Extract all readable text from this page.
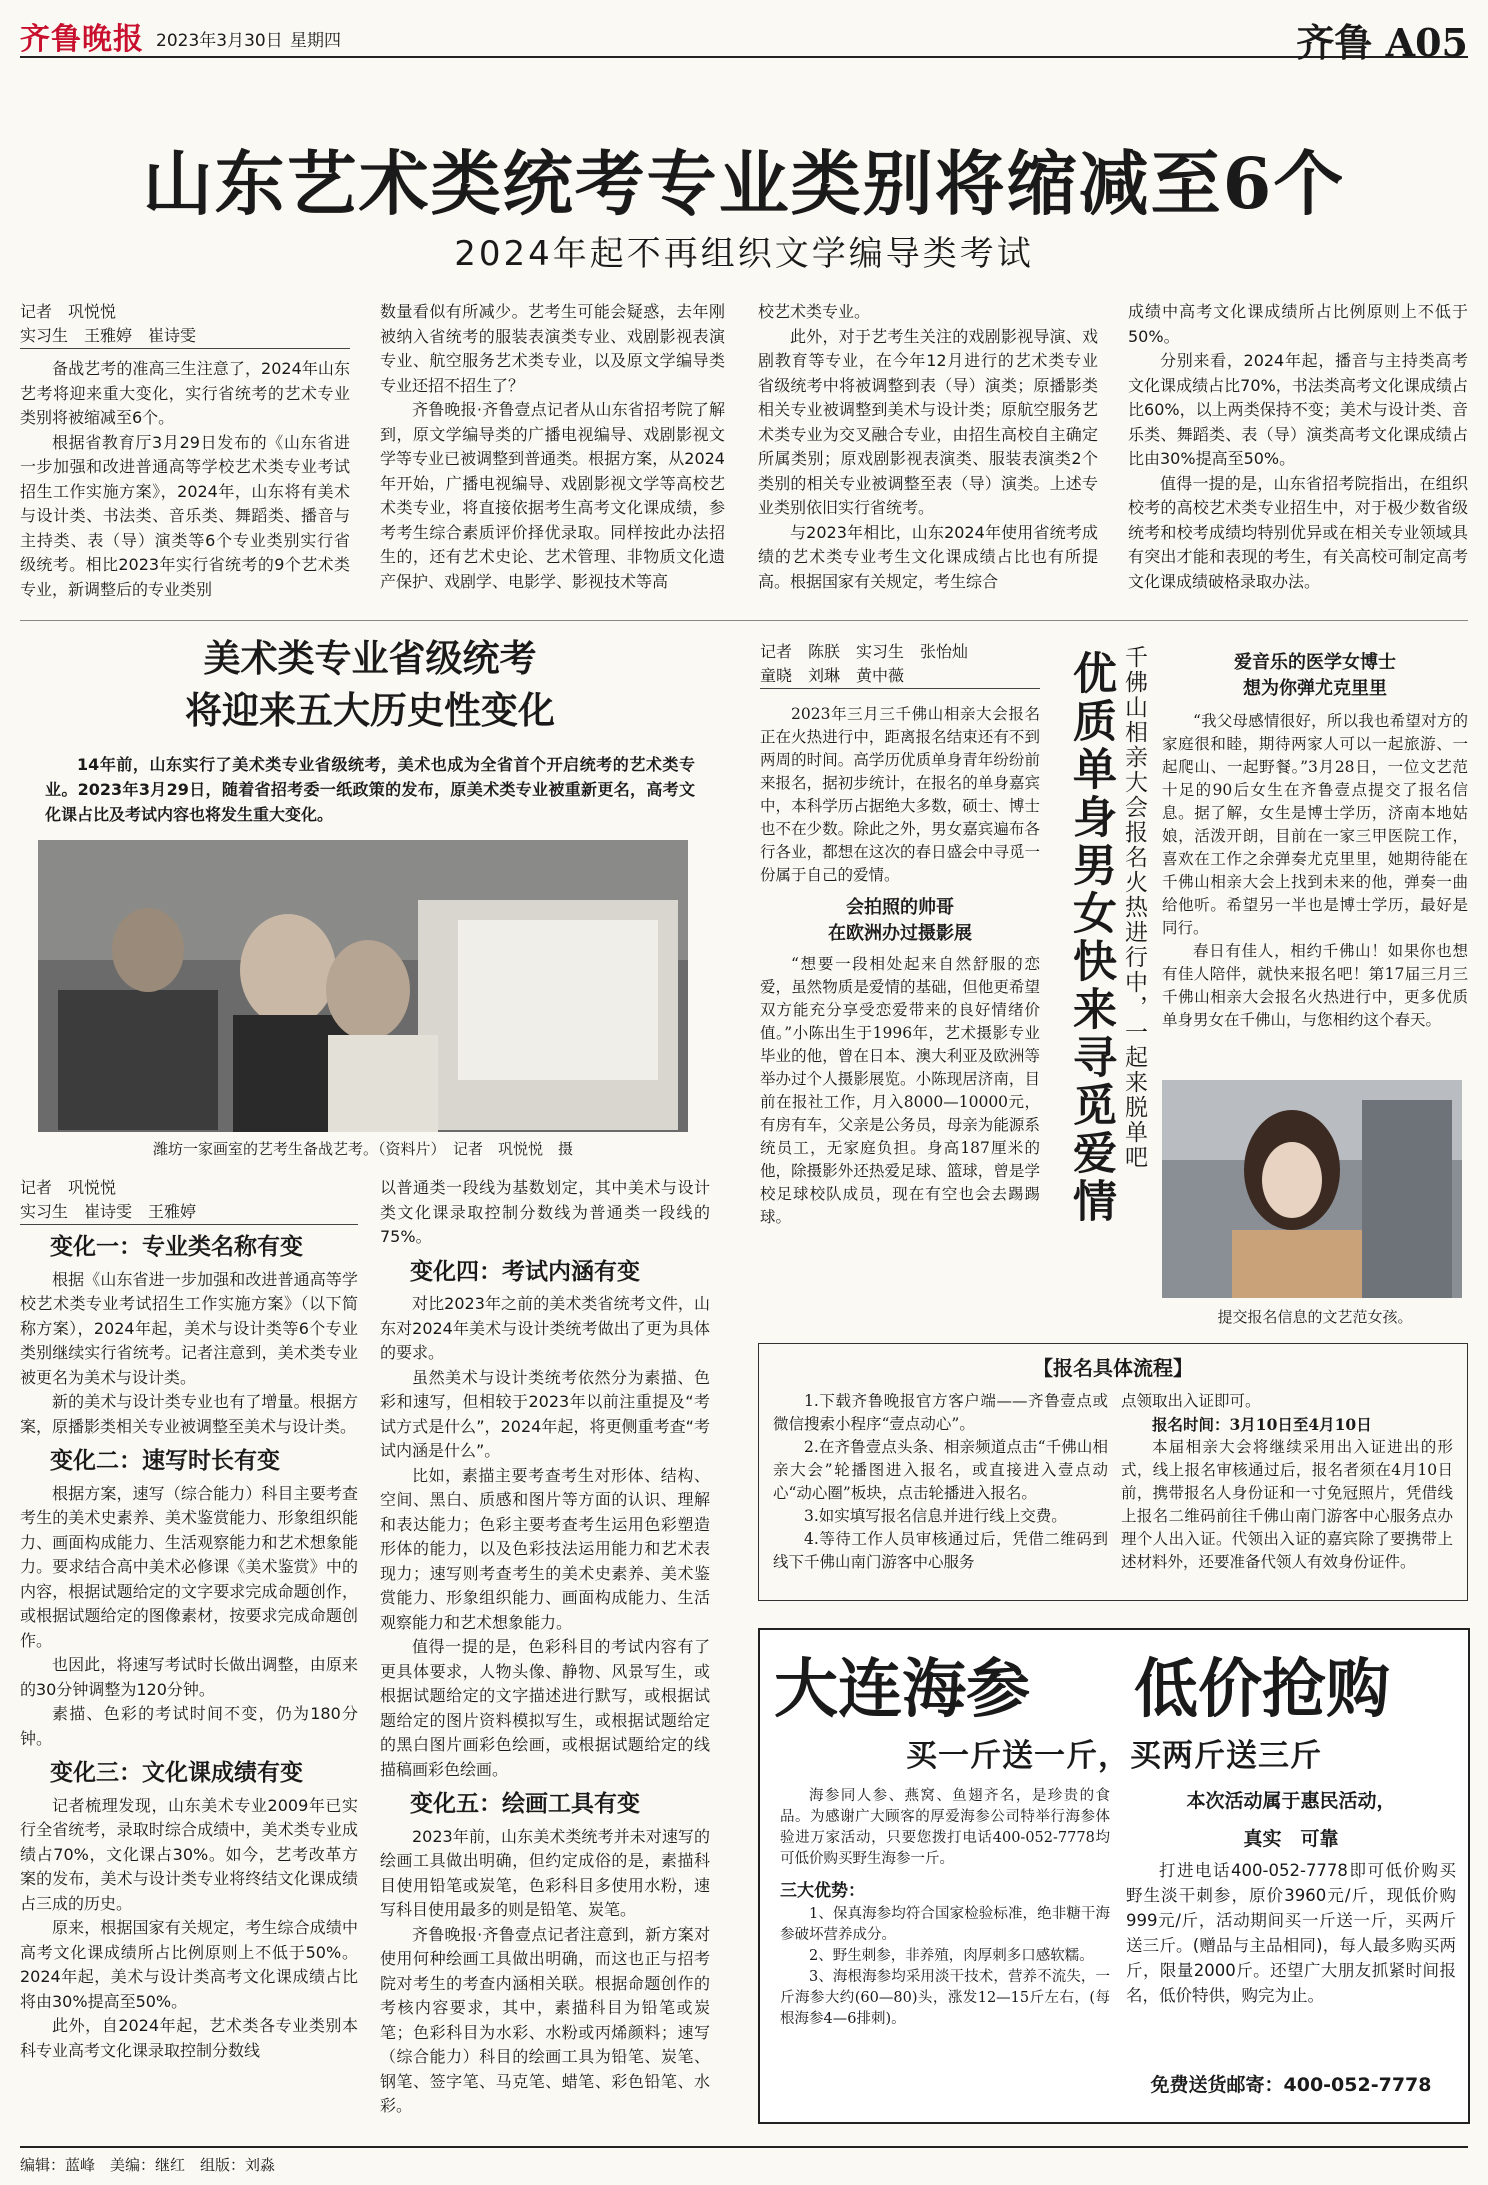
齐鲁晚报 2023年3月30日 星期四	齐鲁 A05
山东艺术类统考专业类别将缩减至6个
2024年起不再组织文学编导类考试
记者　巩悦悦
实习生　王雅婷　崔诗雯

备战艺考的准高三生注意了，2024年山东艺考将迎来重大变化，实行省统考的艺术专业类别将被缩减至6个。

根据省教育厅3月29日发布的《山东省进一步加强和改进普通高等学校艺术类专业考试招生工作实施方案》，2024年，山东将有美术与设计类、书法类、音乐类、舞蹈类、播音与主持类、表（导）演类等6个专业类别实行省级统考。相比2023年实行省统考的9个艺术类专业，新调整后的专业类别

数量看似有所减少。艺考生可能会疑惑，去年刚被纳入省统考的服装表演类专业、戏剧影视表演专业、航空服务艺术类专业，以及原文学编导类专业还招不招生了？

齐鲁晚报·齐鲁壹点记者从山东省招考院了解到，原文学编导类的广播电视编导、戏剧影视文学等专业已被调整到普通类。根据方案，从2024年开始，广播电视编导、戏剧影视文学等高校艺术类专业，将直接依据考生高考文化课成绩，参考考生综合素质评价择优录取。同样按此办法招生的，还有艺术史论、艺术管理、非物质文化遗产保护、戏剧学、电影学、影视技术等高

校艺术类专业。

此外，对于艺考生关注的戏剧影视导演、戏剧教育等专业，在今年12月进行的艺术类专业省级统考中将被调整到表（导）演类；原播影类相关专业被调整到美术与设计类；原航空服务艺术类专业为交叉融合专业，由招生高校自主确定所属类别；原戏剧影视表演类、服装表演类2个类别的相关专业被调整至表（导）演类。上述专业类别依旧实行省统考。

与2023年相比，山东2024年使用省统考成绩的艺术类专业考生文化课成绩占比也有所提高。根据国家有关规定，考生综合

成绩中高考文化课成绩所占比例原则上不低于50%。

分别来看，2024年起，播音与主持类高考文化课成绩占比70%，书法类高考文化课成绩占比60%，以上两类保持不变；美术与设计类、音乐类、舞蹈类、表（导）演类高考文化课成绩占比由30%提高至50%。

值得一提的是，山东省招考院指出，在组织校考的高校艺术类专业招生中，对于极少数省级统考和校考成绩均特别优异或在相关专业领域具有突出才能和表现的考生，有关高校可制定高考文化课成绩破格录取办法。

美术类专业省级统考
将迎来五大历史性变化
14年前，山东实行了美术类专业省级统考，美术也成为全省首个开启统考的艺术类专业。2023年3月29日，随着省招考委一纸政策的发布，原美术类专业被重新更名，高考文化课占比及考试内容也将发生重大变化。
潍坊一家画室的艺考生备战艺考。（资料片）　记者　巩悦悦　摄
记者　巩悦悦
实习生　崔诗雯　王雅婷
变化一：专业类名称有变

根据《山东省进一步加强和改进普通高等学校艺术类专业考试招生工作实施方案》（以下简称方案），2024年起，美术与设计类等6个专业类别继续实行省统考。记者注意到，美术类专业被更名为美术与设计类。

新的美术与设计类专业也有了增量。根据方案，原播影类相关专业被调整至美术与设计类。

变化二：速写时长有变

根据方案，速写（综合能力）科目主要考查考生的美术史素养、美术鉴赏能力、形象组织能力、画面构成能力、生活观察能力和艺术想象能力。要求结合高中美术必修课《美术鉴赏》中的内容，根据试题给定的文字要求完成命题创作，或根据试题给定的图像素材，按要求完成命题创作。

也因此，将速写考试时长做出调整，由原来的30分钟调整为120分钟。

素描、色彩的考试时间不变，仍为180分钟。

变化三：文化课成绩有变

记者梳理发现，山东美术专业2009年已实行全省统考，录取时综合成绩中，美术类专业成绩占70%，文化课占30%。如今，艺考改革方案的发布，美术与设计类专业将终结文化课成绩占三成的历史。

原来，根据国家有关规定，考生综合成绩中高考文化课成绩所占比例原则上不低于50%。2024年起，美术与设计类高考文化课成绩占比将由30%提高至50%。

此外，自2024年起，艺术类各专业类别本科专业高考文化课录取控制分数线

以普通类一段线为基数划定，其中美术与设计类文化课录取控制分数线为普通类一段线的75%。

变化四：考试内涵有变

对比2023年之前的美术类省统考文件，山东对2024年美术与设计类统考做出了更为具体的要求。

虽然美术与设计类统考依然分为素描、色彩和速写，但相较于2023年以前注重提及“考试方式是什么”，2024年起，将更侧重考查“考试内涵是什么”。

比如，素描主要考查考生对形体、结构、空间、黑白、质感和图片等方面的认识、理解和表达能力；色彩主要考查考生运用色彩塑造形体的能力，以及色彩技法运用能力和艺术表现力；速写则考查考生的美术史素养、美术鉴赏能力、形象组织能力、画面构成能力、生活观察能力和艺术想象能力。

值得一提的是，色彩科目的考试内容有了更具体要求，人物头像、静物、风景写生，或根据试题给定的文字描述进行默写，或根据试题给定的图片资料模拟写生，或根据试题给定的黑白图片画彩色绘画，或根据试题给定的线描稿画彩色绘画。

变化五：绘画工具有变

2023年前，山东美术类统考并未对速写的绘画工具做出明确，但约定成俗的是，素描科目使用铅笔或炭笔，色彩科目多使用水粉，速写科目使用最多的则是铅笔、炭笔。

齐鲁晚报·齐鲁壹点记者注意到，新方案对使用何种绘画工具做出明确，而这也正与招考院对考生的考查内涵相关联。根据命题创作的考核内容要求，其中，素描科目为铅笔或炭笔；色彩科目为水彩、水粉或丙烯颜料；速写（综合能力）科目的绘画工具为铅笔、炭笔、钢笔、签字笔、马克笔、蜡笔、彩色铅笔、水彩。

记者　陈朕　实习生　张怡灿
童晓　刘琳　黄中薇

2023年三月三千佛山相亲大会报名正在火热进行中，距离报名结束还有不到两周的时间。高学历优质单身青年纷纷前来报名，据初步统计，在报名的单身嘉宾中，本科学历占据绝大多数，硕士、博士也不在少数。除此之外，男女嘉宾遍布各行各业，都想在这次的春日盛会中寻觅一份属于自己的爱情。

会拍照的帅哥
在欧洲办过摄影展

“想要一段相处起来自然舒服的恋爱，虽然物质是爱情的基础，但他更希望双方能充分享受恋爱带来的良好情绪价值。”小陈出生于1996年，艺术摄影专业毕业的他，曾在日本、澳大利亚及欧洲等举办过个人摄影展览。小陈现居济南，目前在报社工作，月入8000—10000元，有房有车，父亲是公务员，母亲为能源系统员工，无家庭负担。身高187厘米的他，除摄影外还热爱足球、篮球，曾是学校足球校队成员，现在有空也会去踢踢球。	优质单身男女快来寻觅爱情 千佛山相亲大会报名火热进行中，一起来脱单吧	爱音乐的医学女博士
想为你弹尤克里里

“我父母感情很好，所以我也希望对方的家庭很和睦，期待两家人可以一起旅游、一起爬山、一起野餐。”3月28日，一位文艺范十足的90后女生在齐鲁壹点提交了报名信息。据了解，女生是博士学历，济南本地姑娘，活泼开朗，目前在一家三甲医院工作，喜欢在工作之余弹奏尤克里里，她期待能在千佛山相亲大会上找到未来的他，弹奏一曲给他听。希望另一半也是博士学历，最好是同行。

春日有佳人，相约千佛山！如果你也想有佳人陪伴，就快来报名吧！第17届三月三千佛山相亲大会报名火热进行中，更多优质单身男女在千佛山，与您相约这个春天。

提交报名信息的文艺范女孩。
【报名具体流程】

1.下载齐鲁晚报官方客户端——齐鲁壹点或微信搜索小程序“壹点动心”。

2.在齐鲁壹点头条、相亲频道点击“千佛山相亲大会”轮播图进入报名，或直接进入壹点动心“动心圈”板块，点击轮播进入报名。

3.如实填写报名信息并进行线上交费。

4.等待工作人员审核通过后，凭借二维码到线下千佛山南门游客中心服务

点领取出入证即可。

报名时间：3月10日至4月10日

本届相亲大会将继续采用出入证进出的形式，线上报名审核通过后，报名者须在4月10日前，携带报名人身份证和一寸免冠照片，凭借线上报名二维码前往千佛山南门游客中心服务点办理个人出入证。代领出入证的嘉宾除了要携带上述材料外，还要准备代领人有效身份证件。

大连海参 低价抢购
买一斤送一斤，买两斤送三斤
海参同人参、燕窝、鱼翅齐名，是珍贵的食品。为感谢广大顾客的厚爱海参公司特举行海参体验进万家活动，只要您拨打电话400-052-7778均可低价购买野生海参一斤。
三大优势：

1、保真海参均符合国家检验标准，绝非糖干海参破坏营养成分。

2、野生刺参，非养殖，肉厚刺多口感软糯。

3、海根海参均采用淡干技术，营养不流失，一斤海参大约(60—80)头，涨发12—15斤左右，(每根海参4—6排刺)。

本次活动属于惠民活动，
真实　可靠
打进电话400-052-7778即可低价购买野生淡干刺参，原价3960元/斤，现低价购999元/斤，活动期间买一斤送一斤，买两斤送三斤。(赠品与主品相同)，每人最多购买两斤，限量2000斤。还望广大朋友抓紧时间报名，低价特供，购完为止。
免费送货邮寄：400-052-7778
编辑：蓝峰　美编：继红　组版：刘淼
